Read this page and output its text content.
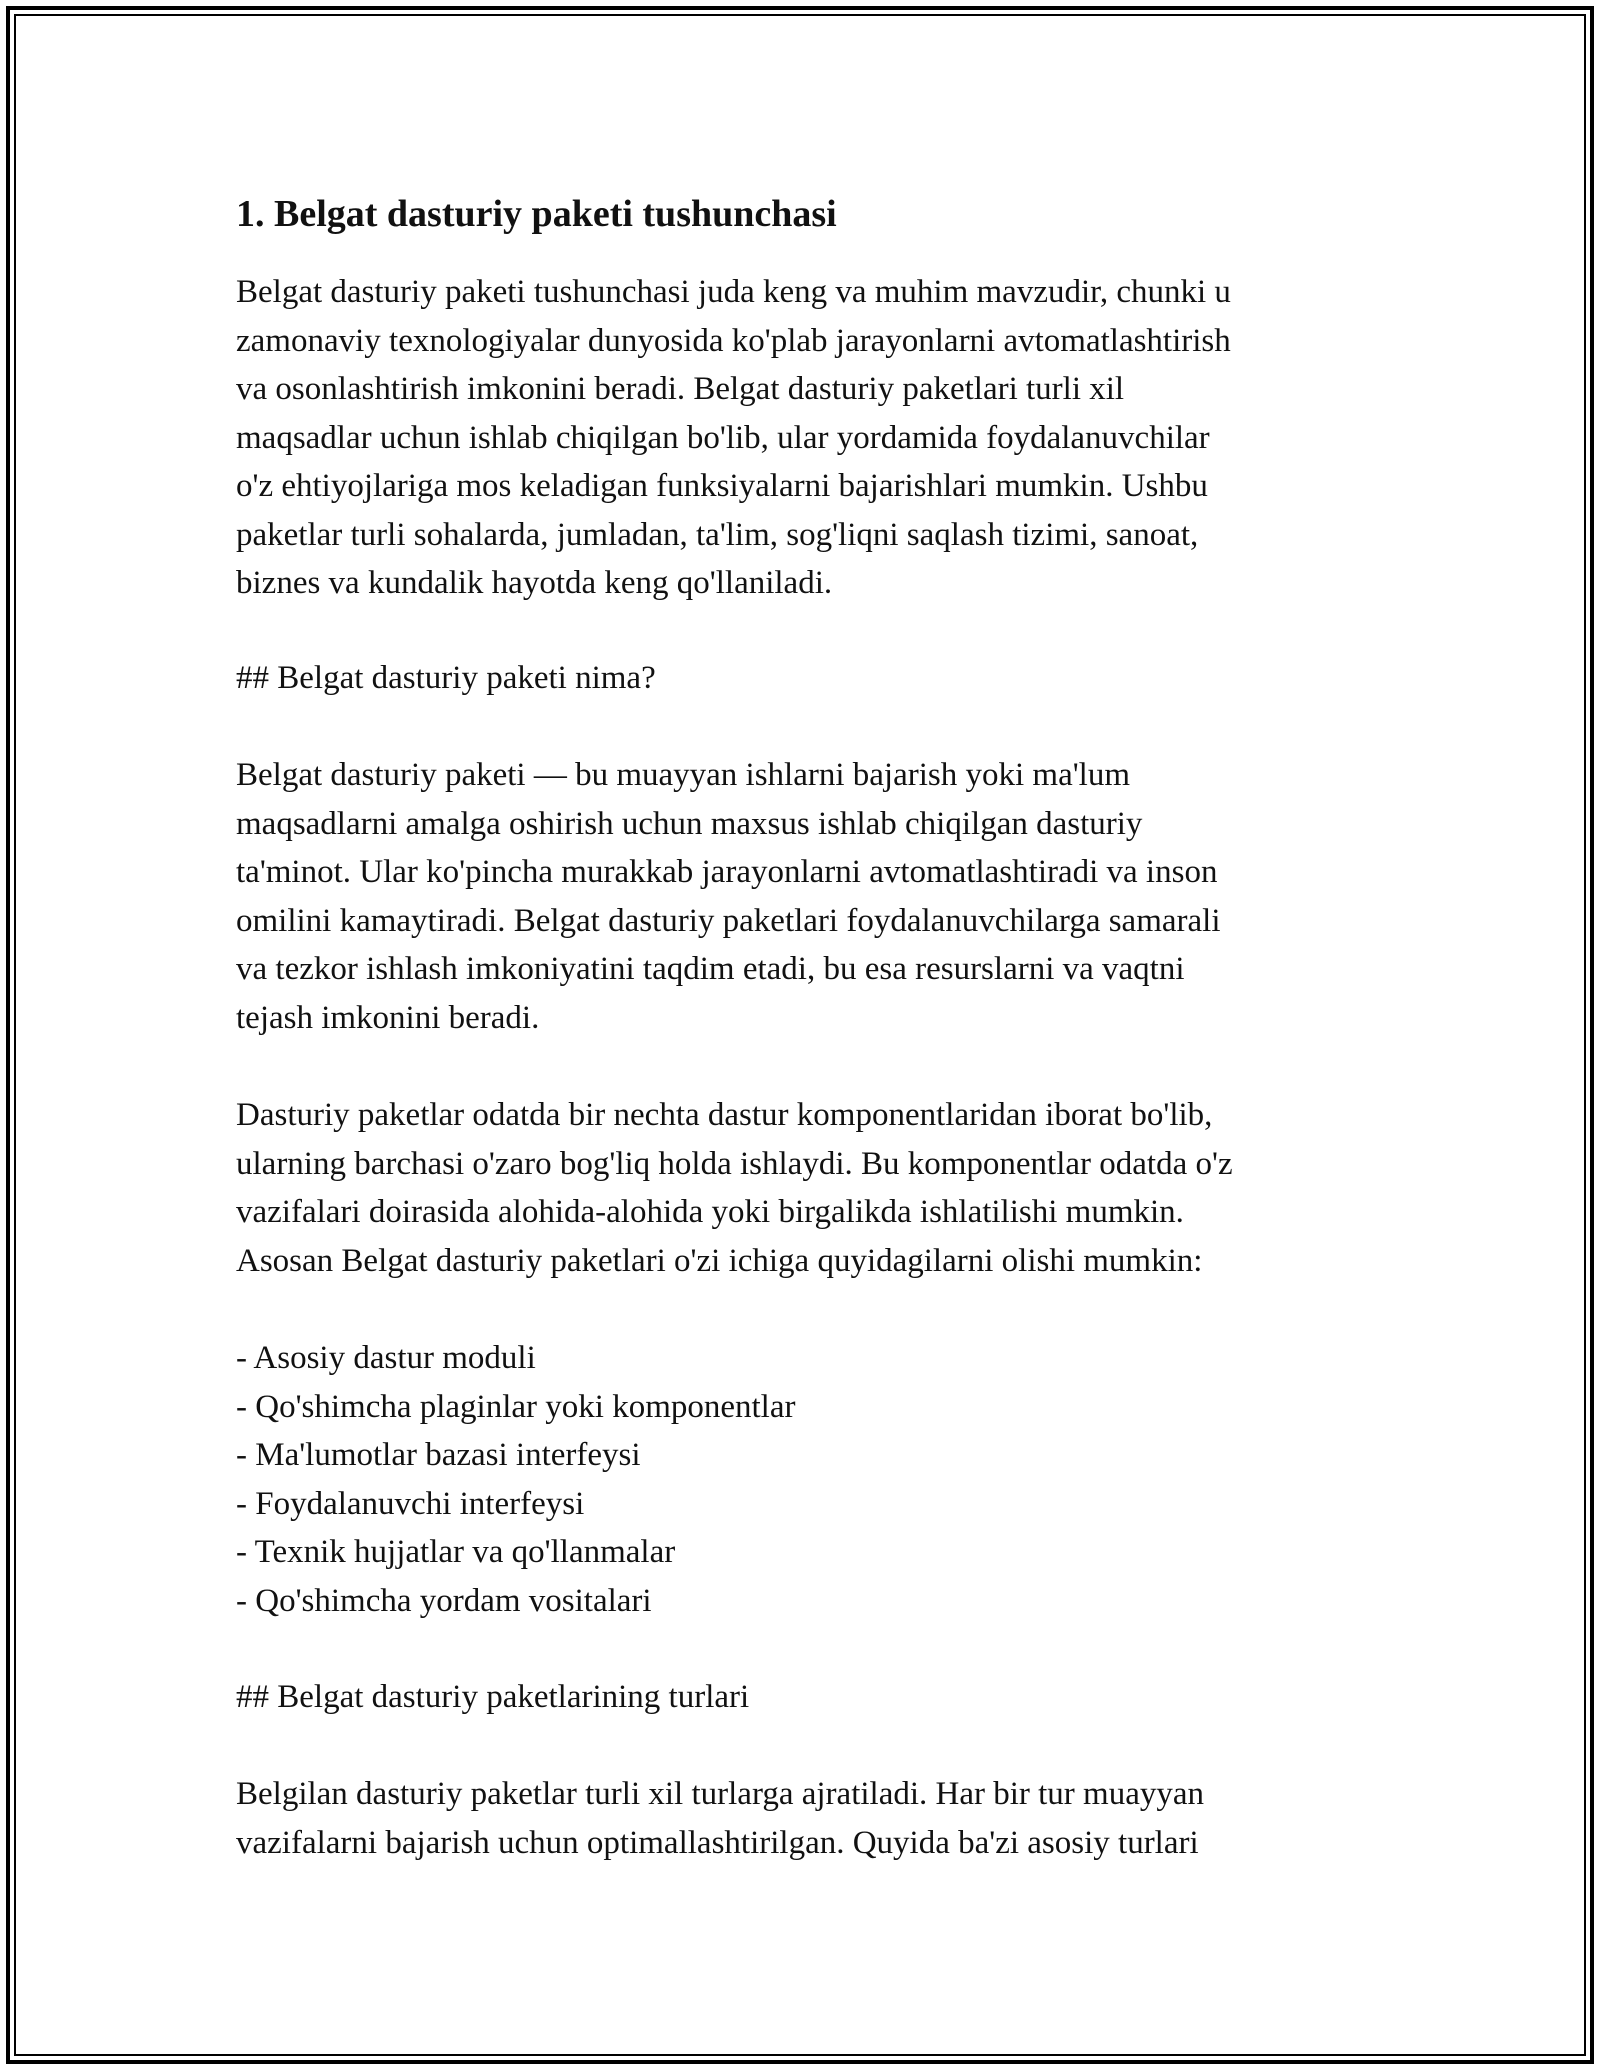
1. Belgat dasturiy paketi tushunchasi

Belgat dasturiy paketi tushunchasi juda keng va muhim mavzudir, chunki u
zamonaviy texnologiyalar dunyosida ko'plab jarayonlarni avtomatlashtirish
va osonlashtirish imkonini beradi. Belgat dasturiy paketlari turli xil
maqsadlar uchun ishlab chiqilgan bo'lib, ular yordamida foydalanuvchilar
o'z ehtiyojlariga mos keladigan funksiyalarni bajarishlari mumkin. Ushbu
paketlar turli sohalarda, jumladan, ta'lim, sog'liqni saqlash tizimi, sanoat,
biznes va kundalik hayotda keng qo'llaniladi.

## Belgat dasturiy paketi nima?

Belgat dasturiy paketi — bu muayyan ishlarni bajarish yoki ma'lum
maqsadlarni amalga oshirish uchun maxsus ishlab chiqilgan dasturiy
ta'minot. Ular ko'pincha murakkab jarayonlarni avtomatlashtiradi va inson
omilini kamaytiradi. Belgat dasturiy paketlari foydalanuvchilarga samarali
va tezkor ishlash imkoniyatini taqdim etadi, bu esa resurslarni va vaqtni
tejash imkonini beradi.

Dasturiy paketlar odatda bir nechta dastur komponentlaridan iborat bo'lib,
ularning barchasi o'zaro bog'liq holda ishlaydi. Bu komponentlar odatda o'z
vazifalari doirasida alohida-alohida yoki birgalikda ishlatilishi mumkin.
Asosan Belgat dasturiy paketlari o'zi ichiga quyidagilarni olishi mumkin:

- Asosiy dastur moduli
- Qo'shimcha plaginlar yoki komponentlar
- Ma'lumotlar bazasi interfeysi
- Foydalanuvchi interfeysi
- Texnik hujjatlar va qo'llanmalar
- Qo'shimcha yordam vositalari

## Belgat dasturiy paketlarining turlari

Belgilan dasturiy paketlar turli xil turlarga ajratiladi. Har bir tur muayyan
vazifalarni bajarish uchun optimallashtirilgan. Quyida ba'zi asosiy turlari
